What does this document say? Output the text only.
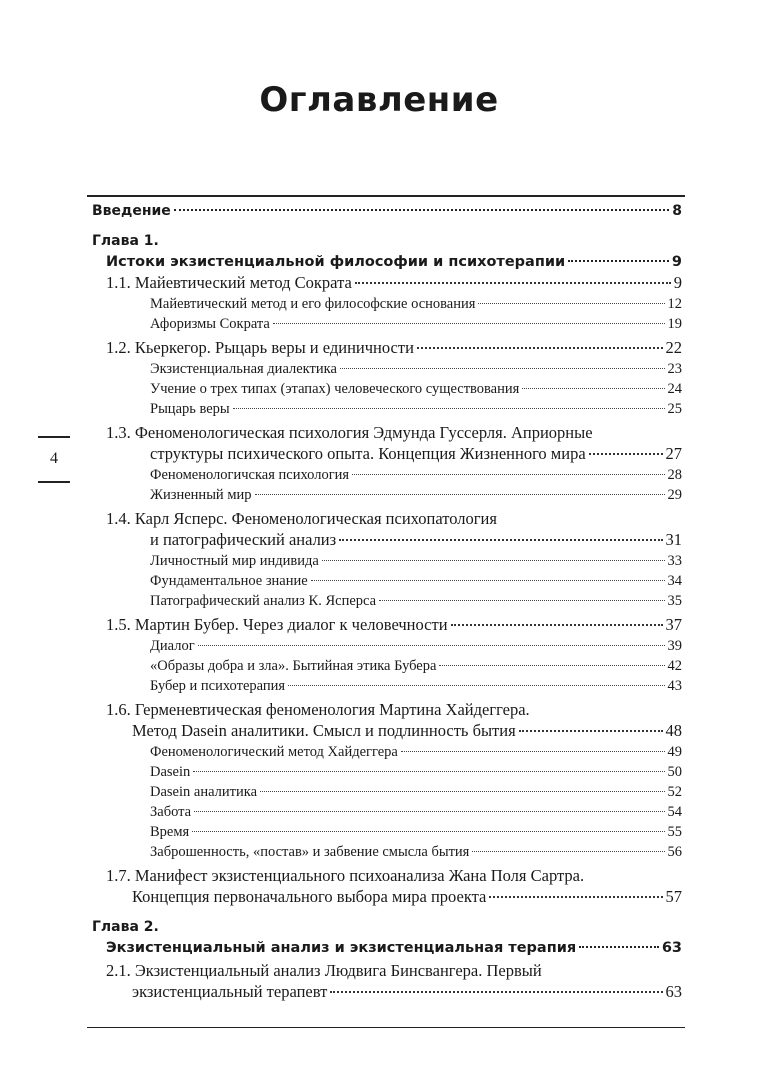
4
Оглавление
Введение	8
Глава 1.
Истоки экзистенциальной философии и психотерапии	9
1.1. Майевтический метод Сократа	9
Майевтический метод и его философские основания	12
Афоризмы Сократа	19
1.2. Кьеркегор. Рыцарь веры и единичности	22
Экзистенциальная диалектика	23
Учение о трех типах (этапах) человеческого существования	24
Рыцарь веры	25
1.3. Феноменологическая психология Эдмунда Гуссерля. Априорные
структуры психического опыта. Концепция Жизненного мира	27
Феноменологичская психология	28
Жизненный мир	29
1.4. Карл Ясперс. Феноменологическая психопатология
и патографический анализ	31
Личностный мир индивида	33
Фундаментальное знание	34
Патографический анализ К. Ясперса	35
1.5. Мартин Бубер. Через диалог к человечности	37
Диалог	39
«Образы добра и зла». Бытийная этика Бубера	42
Бубер и психотерапия	43
1.6. Герменевтическая феноменология Мартина Хайдеггера.
Метод Dasein аналитики. Смысл и подлинность бытия	48
Феноменологический метод Хайдеггера	49
Dasein	50
Dasein аналитика	52
Забота	54
Время	55
Заброшенность, «постав» и забвение смысла бытия	56
1.7. Манифест экзистенциального психоанализа Жана Поля Сартра.
Концепция первоначального выбора мира проекта	57
Глава 2.
Экзистенциальный анализ и экзистенциальная терапия	63
2.1. Экзистенциальный анализ Людвига Бинсвангера. Первый
экзистенциальный терапевт	63
